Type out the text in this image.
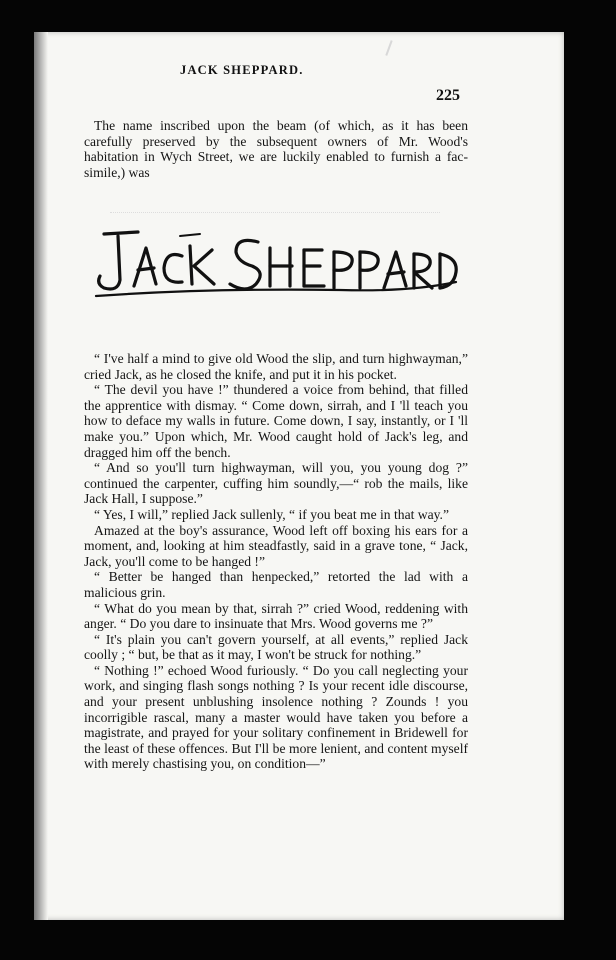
JACK SHEPPARD.
225

The name inscribed upon the beam (of which, as it has been carefully preserved by the subsequent owners of Mr. Wood's habitation in Wych Street, we are luckily enabled to furnish a fac-simile,) was

“ I've half a mind to give old Wood the slip, and turn highwayman,” cried Jack, as he closed the knife, and put it in his pocket.

“ The devil you have !” thundered a voice from behind, that filled the apprentice with dismay. “ Come down, sirrah, and I 'll teach you how to deface my walls in future. Come down, I say, instantly, or I 'll make you.” Upon which, Mr. Wood caught hold of Jack's leg, and dragged him off the bench.

“ And so you'll turn highwayman, will you, you young dog ?” continued the carpenter, cuffing him soundly,—“ rob the mails, like Jack Hall, I suppose.”

“ Yes, I will,” replied Jack sullenly, “ if you beat me in that way.”

Amazed at the boy's assurance, Wood left off boxing his ears for a moment, and, looking at him steadfastly, said in a grave tone, “ Jack, Jack, you'll come to be hanged !”

“ Better be hanged than henpecked,” retorted the lad with a malicious grin.

“ What do you mean by that, sirrah ?” cried Wood, reddening with anger. “ Do you dare to insinuate that Mrs. Wood governs me ?”

“ It's plain you can't govern yourself, at all events,” replied Jack coolly ; “ but, be that as it may, I won't be struck for nothing.”

“ Nothing !” echoed Wood furiously. “ Do you call neglecting your work, and singing flash songs nothing ? Is your recent idle discourse, and your present unblushing insolence nothing ? Zounds ! you incorrigible rascal, many a master would have taken you before a magistrate, and prayed for your solitary confinement in Bridewell for the least of these offences. But I'll be more lenient, and content myself with merely chastising you, on condition—”
